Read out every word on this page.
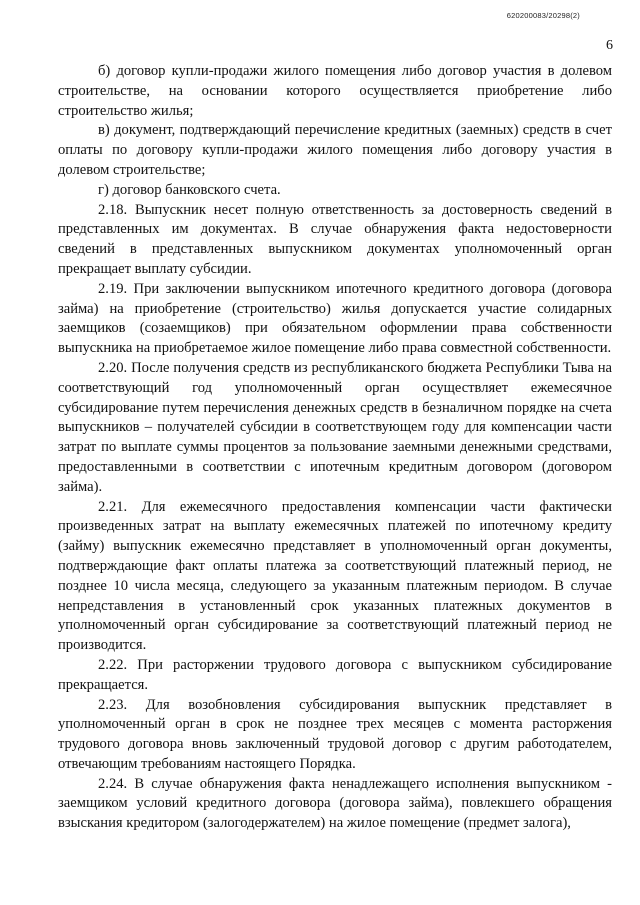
620200083/20298(2)
6

б) договор купли-продажи жилого помещения либо договор участия в долевом строительстве, на основании которого осуществляется приобретение либо строительство жилья;

в) документ, подтверждающий перечисление кредитных (заемных) средств в счет оплаты по договору купли-продажи жилого помещения либо договору участия в долевом строительстве;

г) договор банковского счета.

2.18. Выпускник несет полную ответственность за достоверность сведений в представленных им документах. В случае обнаружения факта недостоверности сведений в представленных выпускником документах уполномоченный орган прекращает выплату субсидии.

2.19. При заключении выпускником ипотечного кредитного договора (договора займа) на приобретение (строительство) жилья допускается участие солидарных заемщиков (созаемщиков) при обязательном оформлении права собственности выпускника на приобретаемое жилое помещение либо права совместной собственности.

2.20. После получения средств из республиканского бюджета Республики Тыва на соответствующий год уполномоченный орган осуществляет ежемесячное субсидирование путем перечисления денежных средств в безналичном порядке на счета выпускников – получателей субсидии в соответствующем году для компенсации части затрат по выплате суммы процентов за пользование заемными денежными средствами, предоставленными в соответствии с ипотечным кредитным договором (договором займа).

2.21. Для ежемесячного предоставления компенсации части фактически произведенных затрат на выплату ежемесячных платежей по ипотечному кредиту (займу) выпускник ежемесячно представляет в уполномоченный орган документы, подтверждающие факт оплаты платежа за соответствующий платежный период, не позднее 10 числа месяца, следующего за указанным платежным периодом. В случае непредставления в установленный срок указанных платежных документов в уполномоченный орган субсидирование за соответствующий платежный период не производится.

2.22. При расторжении трудового договора с выпускником субсидирование прекращается.

2.23. Для возобновления субсидирования выпускник представляет в уполномоченный орган в срок не позднее трех месяцев с момента расторжения трудового договора вновь заключенный трудовой договор с другим работодателем, отвечающим требованиям настоящего Порядка.

2.24. В случае обнаружения факта ненадлежащего исполнения выпускником - заемщиком условий кредитного договора (договора займа), повлекшего обращения взыскания кредитором (залогодержателем) на жилое помещение (предмет залога),
